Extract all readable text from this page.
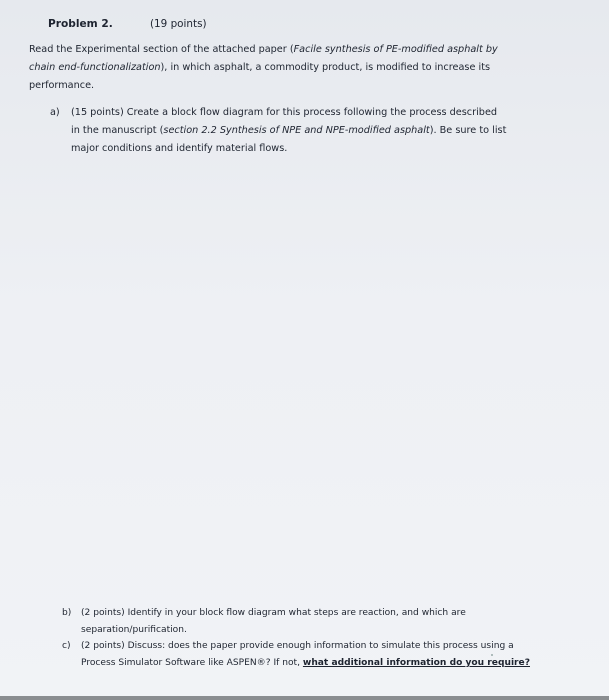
Problem 2.	(19 points)
Read the Experimental section of the attached paper (Facile synthesis of PE-modified asphalt by
chain end-functionalization), in which asphalt, a commodity product, is modified to increase its
performance.
a) (15 points) Create a block flow diagram for this process following the process described
in the manuscript (section 2.2 Synthesis of NPE and NPE-modified asphalt). Be sure to list
major conditions and identify material flows.
b) (2 points) Identify in your block flow diagram what steps are reaction, and which are
separation/purification.
c) (2 points) Discuss: does the paper provide enough information to simulate this process using a
Process Simulator Software like ASPEN®? If not, what additional information do you require?
